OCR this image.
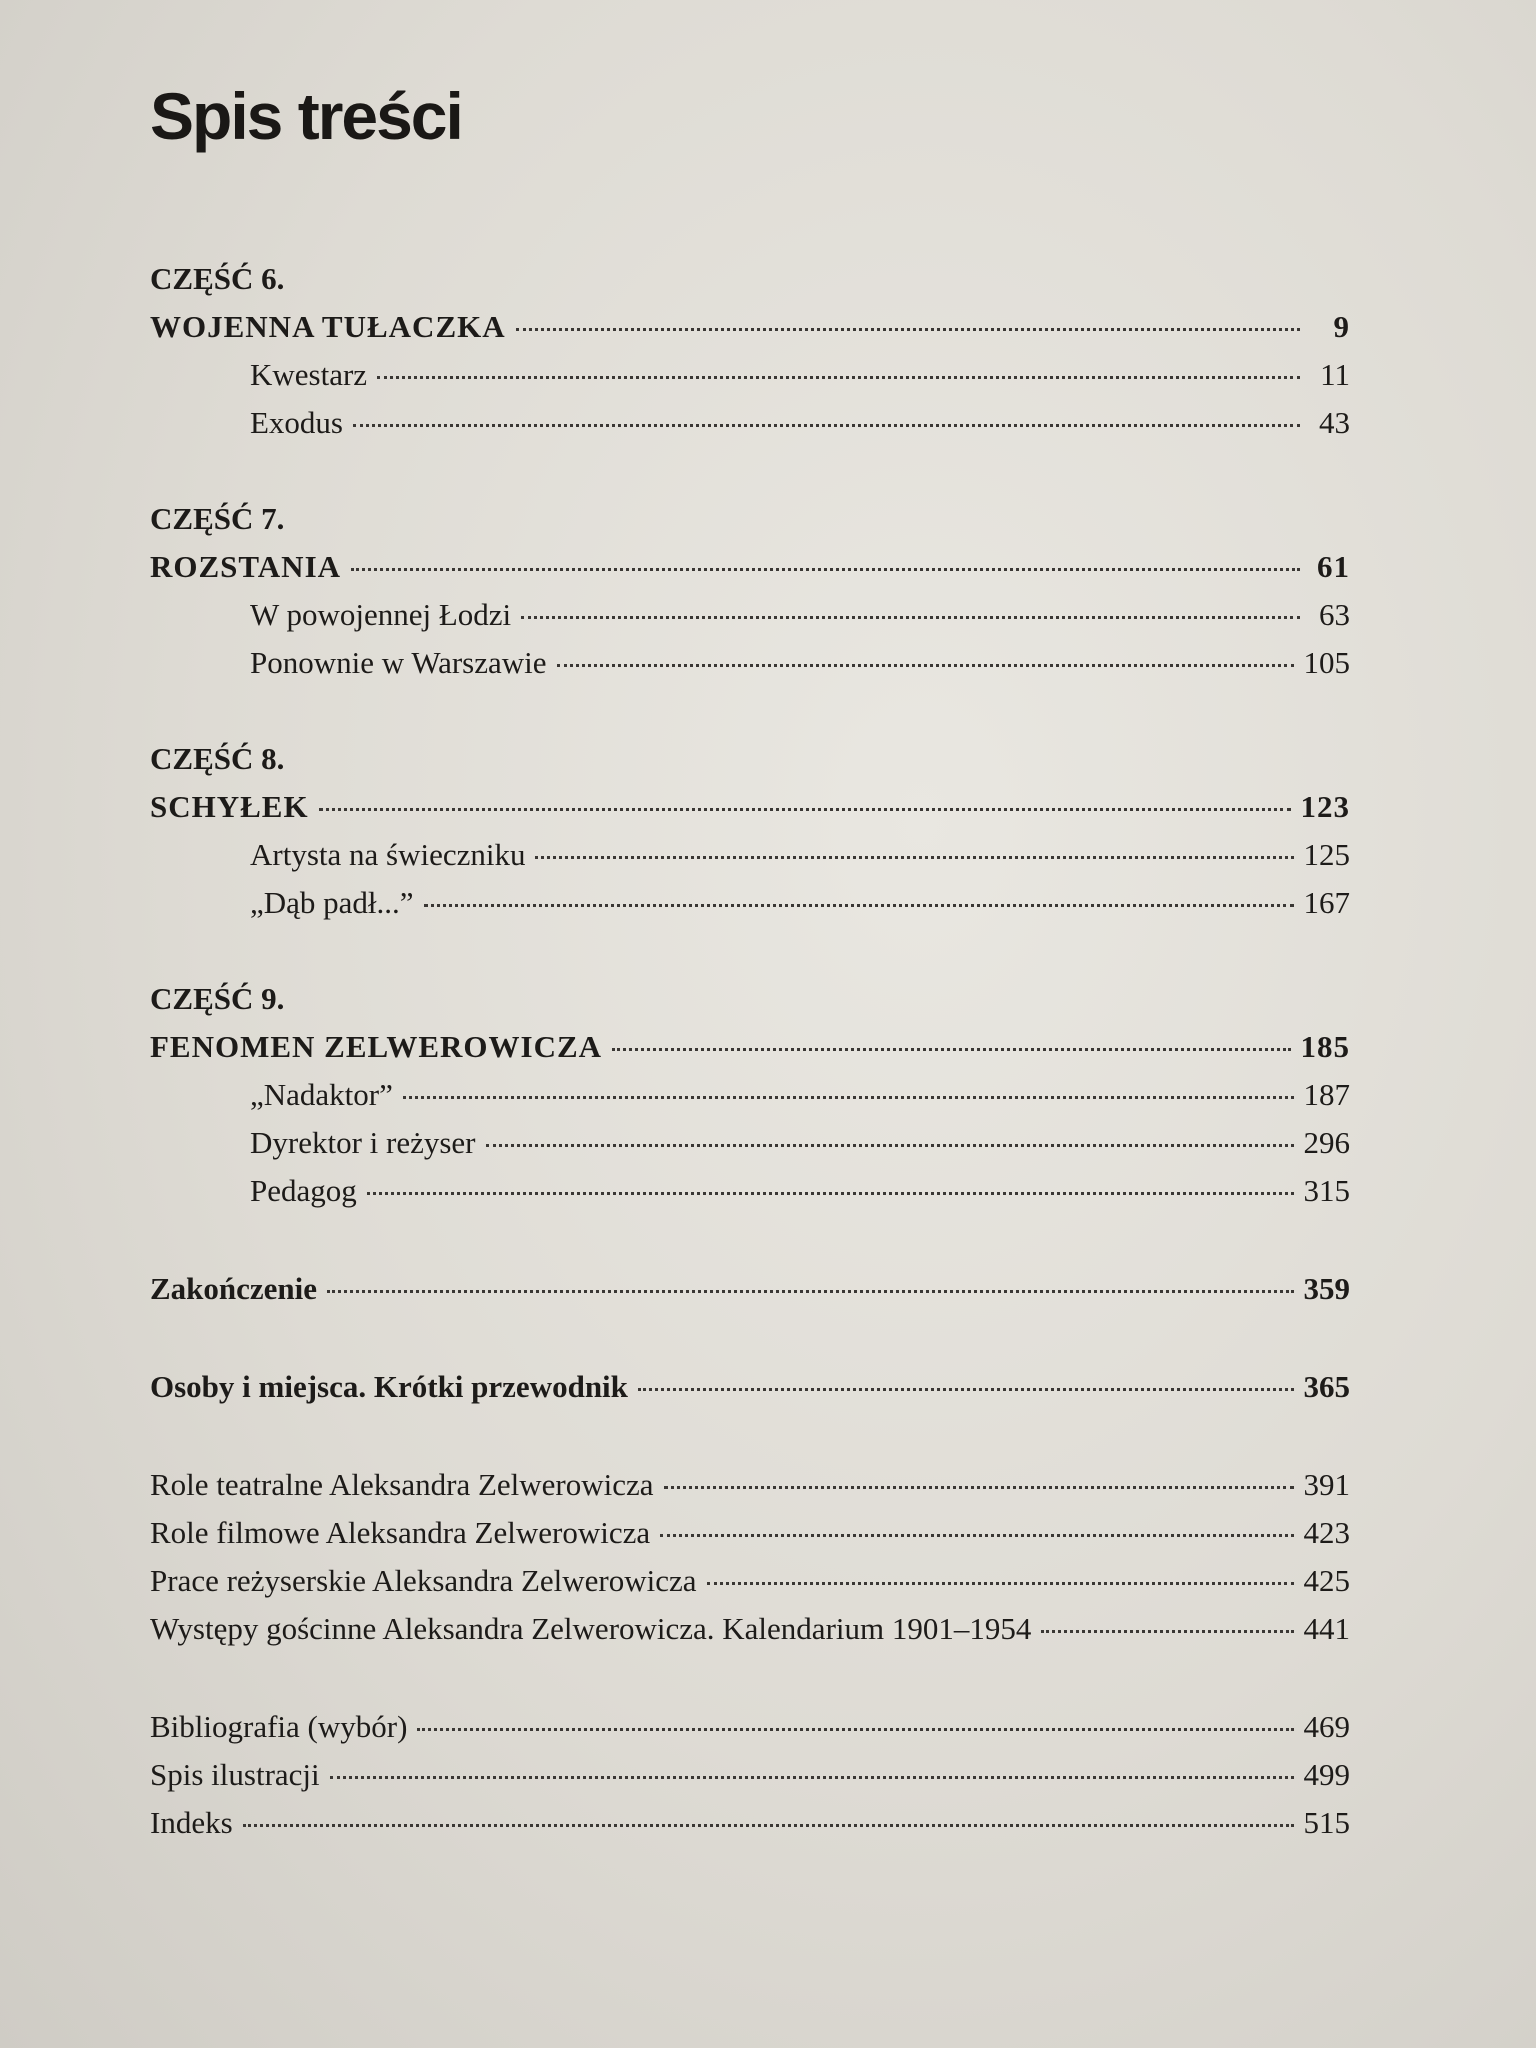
Spis treści
CZĘŚĆ 6.
WOJENNA TUŁACZKA	9
Kwestarz	11
Exodus	43
CZĘŚĆ 7.
ROZSTANIA	61
W powojennej Łodzi	63
Ponownie w Warszawie	105
CZĘŚĆ 8.
SCHYŁEK	123
Artysta na świeczniku	125
„Dąb padł...”	167
CZĘŚĆ 9.
FENOMEN ZELWEROWICZA	185
„Nadaktor”	187
Dyrektor i reżyser	296
Pedagog	315
Zakończenie	359
Osoby i miejsca. Krótki przewodnik	365
Role teatralne Aleksandra Zelwerowicza	391
Role filmowe Aleksandra Zelwerowicza	423
Prace reżyserskie Aleksandra Zelwerowicza	425
Występy gościnne Aleksandra Zelwerowicza. Kalendarium 1901–1954	441
Bibliografia (wybór)	469
Spis ilustracji	499
Indeks	515
